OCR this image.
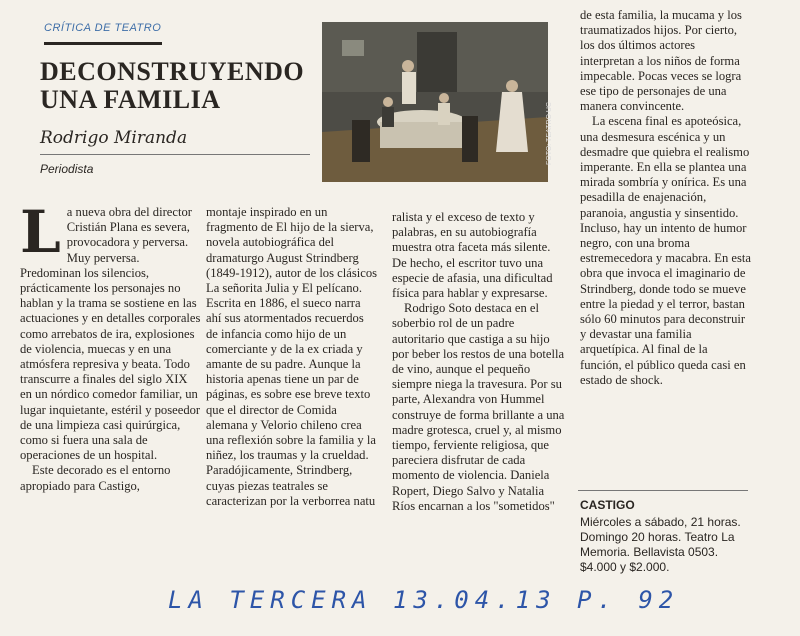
CRÍTICA DE TEATRO
DECONSTRUYENDO
UNA FAMILIA
Rodrigo Miranda
Periodista
FOTO: TEATRO UC

La nueva obra del director Cristián Plana es severa, provocadora y perversa. Muy perversa. Predominan los silencios, prácticamente los personajes no hablan y la trama se sostiene en las actuaciones y en detalles corporales como arrebatos de ira, explosiones de violencia, muecas y en una atmósfera represiva y beata. Todo transcurre a finales del siglo XIX en un nórdico comedor familiar, un lugar inquietante, estéril y poseedor de una limpieza casi quirúrgica, como si fuera una sala de operaciones de un hospital.

Este decorado es el entorno apropiado para Castigo,

montaje inspirado en un fragmento de El hijo de la sierva, novela autobiográfica del dramaturgo August Strindberg (1849-1912), autor de los clásicos La señorita Julia y El pelícano. Escrita en 1886, el sueco narra ahí sus atormentados recuerdos de infancia como hijo de un comerciante y de la ex criada y amante de su padre. Aunque la historia apenas tiene un par de páginas, es sobre ese breve texto que el director de Comida alemana y Velorio chileno crea una reflexión sobre la familia y la niñez, los traumas y la crueldad. Paradójicamente, Strindberg, cuyas piezas teatrales se caracterizan por la verborrea natu

ralista y el exceso de texto y palabras, en su autobiografía muestra otra faceta más silente. De hecho, el escritor tuvo una especie de afasia, una dificultad física para hablar y expresarse.

Rodrigo Soto destaca en el soberbio rol de un padre autoritario que castiga a su hijo por beber los restos de una botella de vino, aunque el pequeño siempre niega la travesura. Por su parte, Alexandra von Hummel construye de forma brillante a una madre grotesca, cruel y, al mismo tiempo, ferviente religiosa, que pareciera disfrutar de cada momento de violencia. Daniela Ropert, Diego Salvo y Natalia Ríos encarnan a los "sometidos"

de esta familia, la mucama y los traumatizados hijos. Por cierto, los dos últimos actores interpretan a los niños de forma impecable. Pocas veces se logra ese tipo de personajes de una manera convincente.

La escena final es apoteósica, una desmesura escénica y un desmadre que quiebra el realismo imperante. En ella se plantea una mirada sombría y onírica. Es una pesadilla de enajenación, paranoia, angustia y sinsentido. Incluso, hay un intento de humor negro, con una broma estremecedora y macabra. En esta obra que invoca el imaginario de Strindberg, donde todo se mueve entre la piedad y el terror, bastan sólo 60 minutos para deconstruir y devastar una familia arquetípica. Al final de la función, el público queda casi en estado de shock.

CASTIGO
Miércoles a sábado, 21 horas.
Domingo 20 horas. Teatro La
Memoria. Bellavista 0503.
$4.000 y $2.000.
LA TERCERA 13.04.13 P. 92
